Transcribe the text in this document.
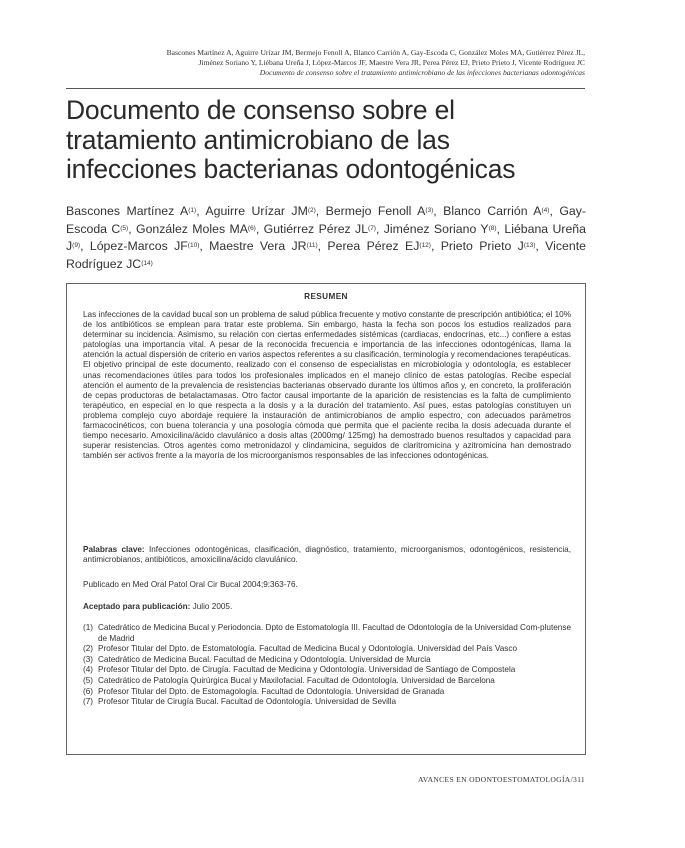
Bascones Martínez A, Aguirre Urízar JM, Bermejo Fenoll A, Blanco Carrión A, Gay-Escoda C, González Moles MA, Gutiérrez Pérez JL,
Jiménez Soriano Y, Liébana Ureña J, López-Marcos JF, Maestre Vera JR, Perea Pérez EJ, Prieto Prieto J, Vicente Rodríguez JC
Documento de consenso sobre el tratamiento antimicrobiano de las infecciones bacterianas odontogénicas
Documento de consenso sobre el
tratamiento antimicrobiano de las
infecciones bacterianas odontogénicas
Bascones Martínez $A^{(1)}$, Aguirre Urízar JM$^{(2)}$, Bermejo Fenoll $A^{(3)}$, Blanco Carrión $A^{(4)}$, Gay-Escoda $C^{(5)}$, González Moles MA$^{(6)}$, Gutiérrez Pérez JL$^{(7)}$, Jiménez Soriano $Y^{(8)}$, Liébana Ureña $J^{(9)}$, López-Marcos JF$^{(10)}$, Maestre Vera JR$^{(11)}$, Perea Pérez EJ$^{(12)}$, Prieto Prieto $J^{(13)}$, Vicente Rodríguez JC$^{(14)}$
RESUMEN
Las infecciones de la cavidad bucal son un problema de salud pública frecuente y motivo constante de prescripción antibiótica; el 10% de los antibióticos se emplean para tratar este problema. Sin embargo, hasta la fecha son pocos los estudios realizados para determinar su incidencia. Asimismo, su relación con ciertas enfermedades sistémicas (cardiacas, endocrinas, etc...) confiere a estas patologías una importancia vital. A pesar de la reconocida frecuencia e importancia de las infecciones odontogénicas, llama la atención la actual dispersión de criterio en varios aspectos referentes a su clasificación, terminología y recomendaciones terapéuticas. El objetivo principal de este documento, realizado con el consenso de especialistas en microbiología y odontología, es establecer unas recomendaciones útiles para todos los profesionales implicados en el manejo clínico de estas patologías. Recibe especial atención el aumento de la prevalencia de resistencias bacterianas observado durante los últimos años y, en concreto, la proliferación de cepas productoras de betalactamasas. Otro factor causal importante de la aparición de resistencias es la falta de cumplimiento terapéutico, en especial en lo que respecta a la dosis y a la duración del tratamiento. Así pues, estas patologías constituyen un problema complejo cuyo abordaje requiere la instauración de antimicrobianos de amplio espectro, con adecuados parámetros farmacocinéticos, con buena tolerancia y una posología cómoda que permita que el paciente reciba la dosis adecuada durante el tiempo necesario. Amoxicilina/ácido clavulánico a dosis altas (2000mg/ 125mg) ha demostrado buenos resultados y capacidad para superar resistencias. Otros agentes como metronidazol y clindamicina, seguidos de claritromicina y azitromicina han demostrado también ser activos frente a la mayoría de los microorganismos responsables de las infecciones odontogénicas.
Palabras clave: Infecciones odontogénicas, clasificación, diagnóstico, tratamiento, microorganismos, odontogénicos, resistencia, antimicrobianos, antibióticos, amoxicilina/ácido clavulánico.
Publicado en Med Oral Patol Oral Cir Bucal 2004;9:363-76.
Aceptado para publicación: Julio 2005.
(1) Catedrático de Medicina Bucal y Periodoncia. Dpto de Estomatología III. Facultad de Odontología de la Universidad Com-plutense de Madrid
(2) Profesor Titular del Dpto. de Estomatología. Facultad de Medicina Bucal y Odontología. Universidad del País Vasco
(3) Catedrático de Medicina Bucal. Facultad de Medicina y Odontología. Universidad de Murcia
(4) Profesor Titular del Dpto. de Cirugía. Facultad de Medicina y Odontología. Universidad de Santiago de Compostela
(5) Catedrático de Patología Quirúrgica Bucal y Maxilofacial. Facultad de Odontología. Universidad de Barcelona
(6) Profesor Titular del Dpto. de Estomagología. Facultad de Odontología. Universidad de Granada
(7) Profesor Titular de Cirugía Bucal. Facultad de Odontología. Universidad de Sevilla
AVANCES EN ODONTOESTOMATOLOGÍA/311
